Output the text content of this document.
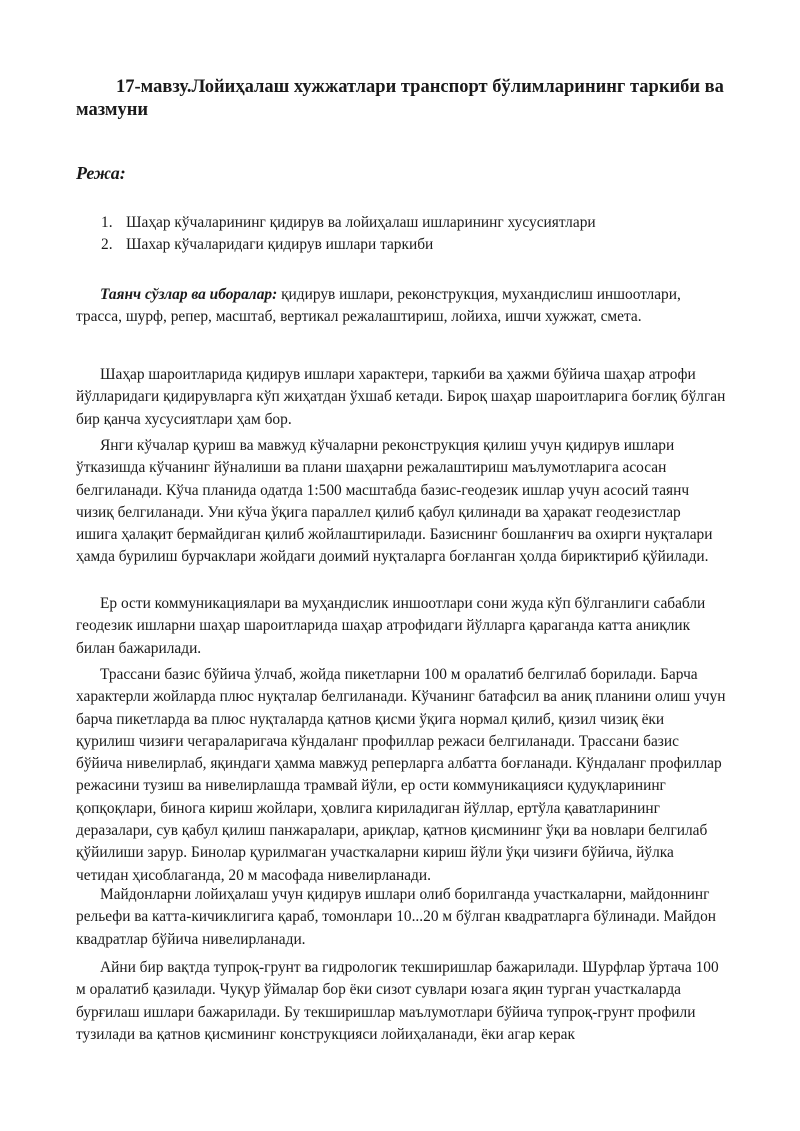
17-мавзу.Лойиҳалаш хужжатлари транспорт бўлимларининг таркиби ва мазмуни
Режа:
1. Шаҳар кўчаларининг қидирув ва лойиҳалаш ишларининг хусусиятлари
2. Шахар кўчаларидаги қидирув ишлари таркиби

Таянч сўзлар ва иборалар: қидирув ишлари, реконструкция, мухандислиш иншоотлари, трасса, шурф, репер, масштаб, вертикал режалаштириш, лойиха, ишчи хужжат, смета.

Шаҳар шароитларида қидирув ишлари характери, таркиби ва ҳажми бўйича шаҳар атрофи йўлларидаги қидирувларга кўп жиҳатдан ўхшаб кетади. Бироқ шаҳар шароитларига боғлиқ бўлган бир қанча хусусиятлари ҳам бор.

Янги кўчалар қуриш ва мавжуд кўчаларни реконструкция қилиш учун қидирув ишлари ўтказишда кўчанинг йўналиши ва плани шаҳарни режалаштириш маълумотларига асосан белгиланади. Кўча планида одатда 1:500 масштабда базис-геодезик ишлар учун асосий таянч чизиқ белгиланади. Уни кўча ўқига параллел қилиб қабул қилинади ва ҳаракат геодезистлар ишига ҳалақит бермайдиган қилиб жойлаштирилади. Базиснинг бошланғич ва охирги нуқталари ҳамда бурилиш бурчаклари жойдаги доимий нуқталарга боғланган ҳолда бириктириб қўйилади.

Ер ости коммуникациялари ва муҳандислик иншоотлари сони жуда кўп бўлганлиги сабабли геодезик ишларни шаҳар шароитларида шаҳар атрофидаги йўлларга қараганда катта аниқлик билан бажарилади.

Трассани базис бўйича ўлчаб, жойда пикетларни 100 м оралатиб белгилаб борилади. Барча характерли жойларда плюс нуқталар белгиланади. Кўчанинг батафсил ва аниқ планини олиш учун барча пикетларда ва плюс нуқталарда қатнов қисми ўқига нормал қилиб, қизил чизиқ ёки қурилиш чизиғи чегараларигача кўндаланг профиллар режаси белгиланади. Трассани базис бўйича нивелирлаб, яқиндаги ҳамма мавжуд реперларга албатта боғланади. Кўндаланг профиллар режасини тузиш ва нивелирлашда трамвай йўли, ер ости коммуникацияси қудуқларининг қопқоқлари, бинога кириш жойлари, ҳовлига кириладиган йўллар, ертўла қаватларининг деразалари, сув қабул қилиш панжаралари, ариқлар, қатнов қисмининг ўқи ва новлари белгилаб қўйилиши зарур. Бинолар қурилмаган участкаларни кириш йўли ўқи чизиғи бўйича, йўлка четидан ҳисоблаганда, 20 м масофада нивелирланади.

Майдонларни лойиҳалаш учун қидирув ишлари олиб борилганда участкаларни, майдоннинг рельефи ва катта-кичиклигига қараб, томонлари 10...20 м бўлган квадратларга бўлинади. Майдон квадратлар бўйича нивелирланади.

Айни бир вақтда тупроқ-грунт ва гидрологик текширишлар бажарилади. Шурфлар ўртача 100 м оралатиб қазилади. Чуқур ўймалар бор ёки сизот сувлари юзага яқин турган участкаларда бурғилаш ишлари бажарилади. Бу текширишлар маълумотлари бўйича тупроқ-грунт профили тузилади ва қатнов қисмининг конструкцияси лойиҳаланади, ёки агар керак
